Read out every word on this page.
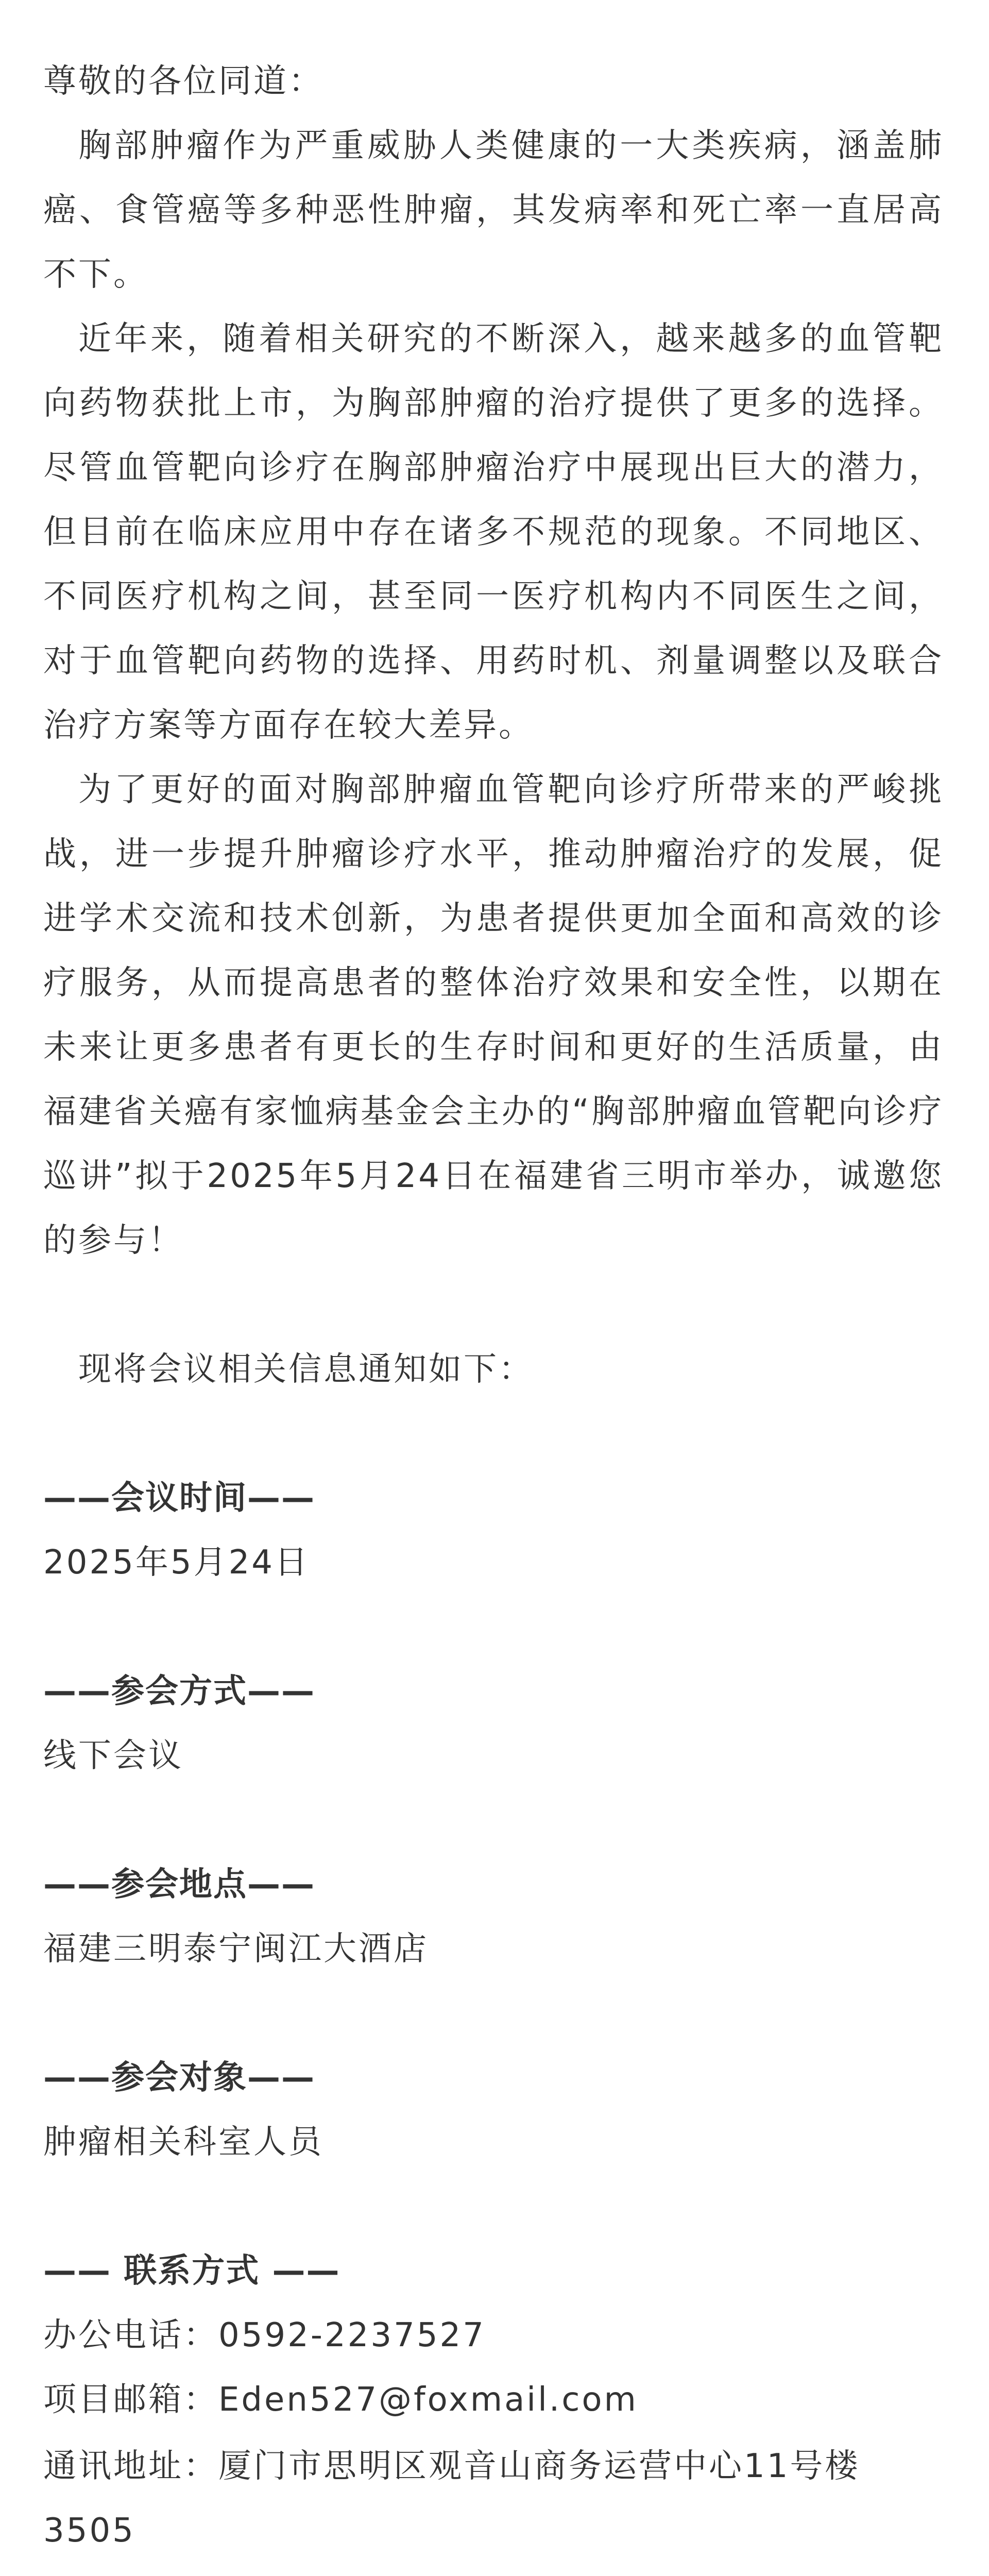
尊敬的各位同道：

胸部肿瘤作为严重威胁人类健康的一大类疾病，涵盖肺癌、食管癌等多种恶性肿瘤，其发病率和死亡率一直居高不下。

近年来，随着相关研究的不断深入，越来越多的血管靶向药物获批上市，为胸部肿瘤的治疗提供了更多的选择。尽管血管靶向诊疗在胸部肿瘤治疗中展现出巨大的潜力，但目前在临床应用中存在诸多不规范的现象。不同地区、不同医疗机构之间，甚至同一医疗机构内不同医生之间，对于血管靶向药物的选择、用药时机、剂量调整以及联合治疗方案等方面存在较大差异。

为了更好的面对胸部肿瘤血管靶向诊疗所带来的严峻挑战，进一步提升肿瘤诊疗水平，推动肿瘤治疗的发展，促进学术交流和技术创新，为患者提供更加全面和高效的诊疗服务，从而提高患者的整体治疗效果和安全性，以期在未来让更多患者有更长的生存时间和更好的生活质量，由福建省关癌有家恤病基金会主办的“胸部肿瘤血管靶向诊疗巡讲”拟于2025年5月24日在福建省三明市举办，诚邀您的参与！

现将会议相关信息通知如下：

——会议时间——

2025年5月24日

——参会方式——

线下会议

——参会地点——

福建三明泰宁闽江大酒店

——参会对象——

肿瘤相关科室人员

—— 联系方式 ——

办公电话：0592-2237527

项目邮箱：Eden527@foxmail.com

通讯地址：厦门市思明区观音山商务运营中心11号楼3505
